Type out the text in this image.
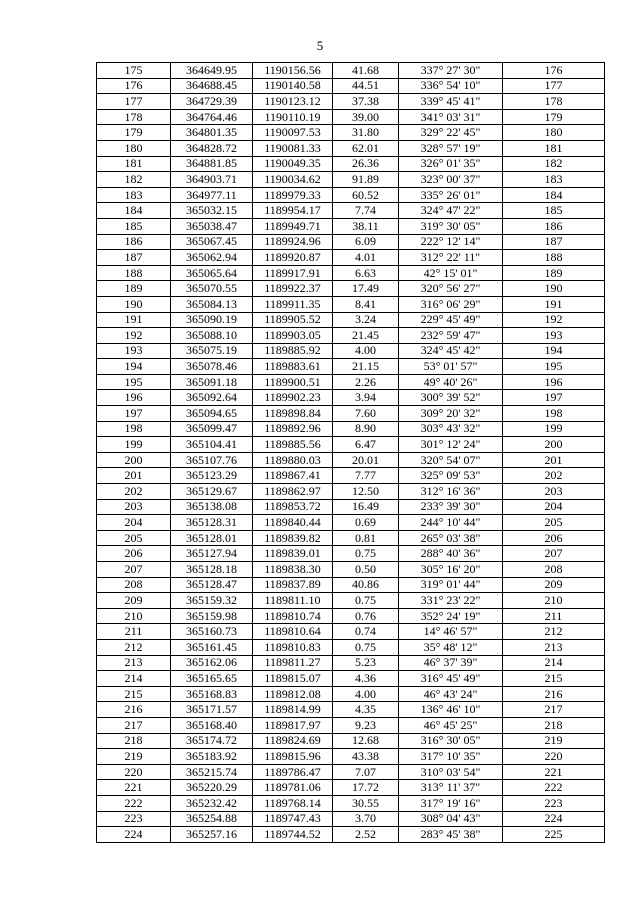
5
175	364649.95	1190156.56	41.68	337° 27' 30"	176
176	364688.45	1190140.58	44.51	336° 54' 10"	177
177	364729.39	1190123.12	37.38	339° 45' 41"	178
178	364764.46	1190110.19	39.00	341° 03' 31"	179
179	364801.35	1190097.53	31.80	329° 22' 45"	180
180	364828.72	1190081.33	62.01	328° 57' 19"	181
181	364881.85	1190049.35	26.36	326° 01' 35"	182
182	364903.71	1190034.62	91.89	323° 00' 37"	183
183	364977.11	1189979.33	60.52	335° 26' 01"	184
184	365032.15	1189954.17	7.74	324° 47' 22"	185
185	365038.47	1189949.71	38.11	319° 30' 05"	186
186	365067.45	1189924.96	6.09	222° 12' 14"	187
187	365062.94	1189920.87	4.01	312° 22' 11"	188
188	365065.64	1189917.91	6.63	42° 15' 01"	189
189	365070.55	1189922.37	17.49	320° 56' 27"	190
190	365084.13	1189911.35	8.41	316° 06' 29"	191
191	365090.19	1189905.52	3.24	229° 45' 49"	192
192	365088.10	1189903.05	21.45	232° 59' 47"	193
193	365075.19	1189885.92	4.00	324° 45' 42"	194
194	365078.46	1189883.61	21.15	53° 01' 57"	195
195	365091.18	1189900.51	2.26	49° 40' 26"	196
196	365092.64	1189902.23	3.94	300° 39' 52"	197
197	365094.65	1189898.84	7.60	309° 20' 32"	198
198	365099.47	1189892.96	8.90	303° 43' 32"	199
199	365104.41	1189885.56	6.47	301° 12' 24"	200
200	365107.76	1189880.03	20.01	320° 54' 07"	201
201	365123.29	1189867.41	7.77	325° 09' 53"	202
202	365129.67	1189862.97	12.50	312° 16' 36"	203
203	365138.08	1189853.72	16.49	233° 39' 30"	204
204	365128.31	1189840.44	0.69	244° 10' 44"	205
205	365128.01	1189839.82	0.81	265° 03' 38"	206
206	365127.94	1189839.01	0.75	288° 40' 36"	207
207	365128.18	1189838.30	0.50	305° 16' 20"	208
208	365128.47	1189837.89	40.86	319° 01' 44"	209
209	365159.32	1189811.10	0.75	331° 23' 22"	210
210	365159.98	1189810.74	0.76	352° 24' 19"	211
211	365160.73	1189810.64	0.74	14° 46' 57"	212
212	365161.45	1189810.83	0.75	35° 48' 12"	213
213	365162.06	1189811.27	5.23	46° 37' 39"	214
214	365165.65	1189815.07	4.36	316° 45' 49"	215
215	365168.83	1189812.08	4.00	46° 43' 24"	216
216	365171.57	1189814.99	4.35	136° 46' 10"	217
217	365168.40	1189817.97	9.23	46° 45' 25"	218
218	365174.72	1189824.69	12.68	316° 30' 05"	219
219	365183.92	1189815.96	43.38	317° 10' 35"	220
220	365215.74	1189786.47	7.07	310° 03' 54"	221
221	365220.29	1189781.06	17.72	313° 11' 37"	222
222	365232.42	1189768.14	30.55	317° 19' 16"	223
223	365254.88	1189747.43	3.70	308° 04' 43"	224
224	365257.16	1189744.52	2.52	283° 45' 38"	225
